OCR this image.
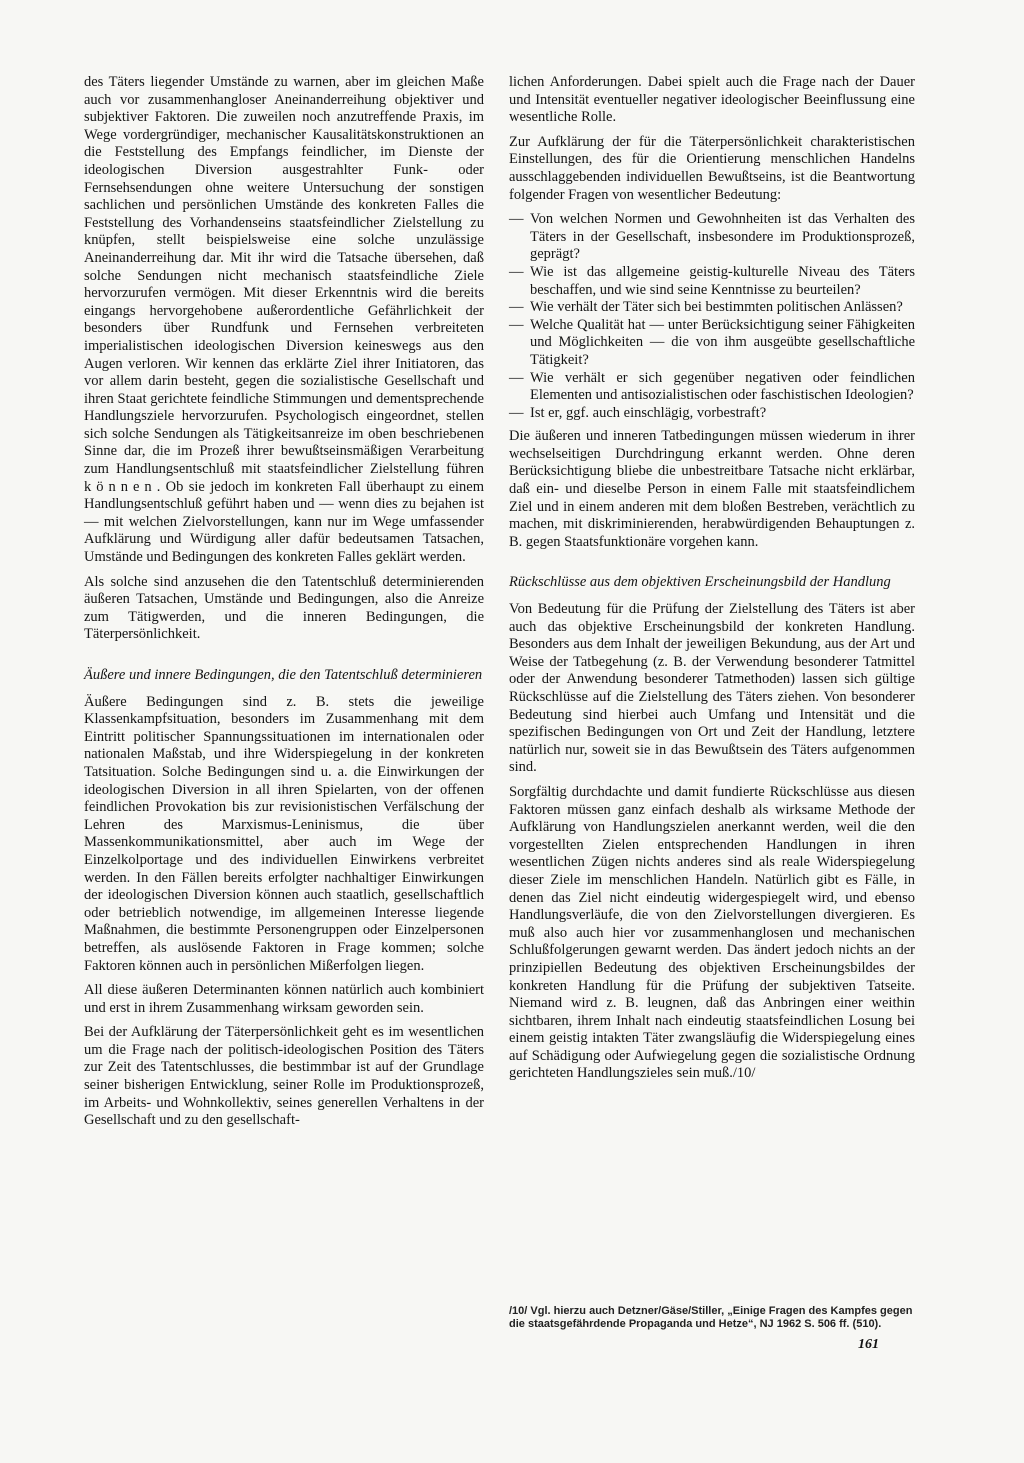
des Täters liegender Umstände zu warnen, aber im gleichen Maße auch vor zusammenhangloser Aneinanderreihung objektiver und subjektiver Faktoren. Die zuweilen noch anzutreffende Praxis, im Wege vordergründiger, mechanischer Kausalitätskonstruktionen an die Feststellung des Empfangs feindlicher, im Dienste der ideologischen Diversion ausgestrahlter Funk- oder Fernsehsendungen ohne weitere Untersuchung der sonstigen sachlichen und persönlichen Umstände des konkreten Falles die Feststellung des Vorhandenseins staatsfeindlicher Zielstellung zu knüpfen, stellt beispielsweise eine solche unzulässige Aneinanderreihung dar. Mit ihr wird die Tatsache übersehen, daß solche Sendungen nicht mechanisch staatsfeindliche Ziele hervorzurufen vermögen. Mit dieser Erkenntnis wird die bereits eingangs hervorgehobene außerordentliche Gefährlichkeit der besonders über Rundfunk und Fernsehen verbreiteten imperialistischen ideologischen Diversion keineswegs aus den Augen verloren. Wir kennen das erklärte Ziel ihrer Initiatoren, das vor allem darin besteht, gegen die sozialistische Gesellschaft und ihren Staat gerichtete feindliche Stimmungen und dementsprechende Handlungsziele hervorzurufen. Psychologisch eingeordnet, stellen sich solche Sendungen als Tätigkeitsanreize im oben beschriebenen Sinne dar, die im Prozeß ihrer bewußtseinsmäßigen Verarbeitung zum Handlungsentschluß mit staatsfeindlicher Zielstellung führen können. Ob sie jedoch im konkreten Fall überhaupt zu einem Handlungsentschluß geführt haben und — wenn dies zu bejahen ist — mit welchen Zielvorstellungen, kann nur im Wege umfassender Aufklärung und Würdigung aller dafür bedeutsamen Tatsachen, Umstände und Bedingungen des konkreten Falles geklärt werden.

Als solche sind anzusehen die den Tatentschluß determinierenden äußeren Tatsachen, Umstände und Bedingungen, also die Anreize zum Tätigwerden, und die inneren Bedingungen, die Täterpersönlichkeit.

Äußere und innere Bedingungen, die den Tatentschluß determinieren

Äußere Bedingungen sind z. B. stets die jeweilige Klassenkampfsituation, besonders im Zusammenhang mit dem Eintritt politischer Spannungssituationen im internationalen oder nationalen Maßstab, und ihre Widerspiegelung in der konkreten Tatsituation. Solche Bedingungen sind u. a. die Einwirkungen der ideologischen Diversion in all ihren Spielarten, von der offenen feindlichen Provokation bis zur revisionistischen Verfälschung der Lehren des Marxismus-Leninismus, die über Massenkommunikationsmittel, aber auch im Wege der Einzelkolportage und des individuellen Einwirkens verbreitet werden. In den Fällen bereits erfolgter nachhaltiger Einwirkungen der ideologischen Diversion können auch staatlich, gesellschaftlich oder betrieblich notwendige, im allgemeinen Interesse liegende Maßnahmen, die bestimmte Personengruppen oder Einzelpersonen betreffen, als auslösende Faktoren in Frage kommen; solche Faktoren können auch in persönlichen Mißerfolgen liegen.

All diese äußeren Determinanten können natürlich auch kombiniert und erst in ihrem Zusammenhang wirksam geworden sein.

Bei der Aufklärung der Täterpersönlichkeit geht es im wesentlichen um die Frage nach der politisch-ideologischen Position des Täters zur Zeit des Tatentschlusses, die bestimmbar ist auf der Grundlage seiner bisherigen Entwicklung, seiner Rolle im Produktionsprozeß, im Arbeits- und Wohnkollektiv, seines generellen Verhaltens in der Gesellschaft und zu den gesellschaft-

lichen Anforderungen. Dabei spielt auch die Frage nach der Dauer und Intensität eventueller negativer ideologischer Beeinflussung eine wesentliche Rolle.

Zur Aufklärung der für die Täterpersönlichkeit charakteristischen Einstellungen, des für die Orientierung menschlichen Handelns ausschlaggebenden individuellen Bewußtseins, ist die Beantwortung folgender Fragen von wesentlicher Bedeutung:

— Von welchen Normen und Gewohnheiten ist das Verhalten des Täters in der Gesellschaft, insbesondere im Produktionsprozeß, geprägt?
— Wie ist das allgemeine geistig-kulturelle Niveau des Täters beschaffen, und wie sind seine Kenntnisse zu beurteilen?
— Wie verhält der Täter sich bei bestimmten politischen Anlässen?
— Welche Qualität hat — unter Berücksichtigung seiner Fähigkeiten und Möglichkeiten — die von ihm ausgeübte gesellschaftliche Tätigkeit?
— Wie verhält er sich gegenüber negativen oder feindlichen Elementen und antisozialistischen oder faschistischen Ideologien?
— Ist er, ggf. auch einschlägig, vorbestraft?

Die äußeren und inneren Tatbedingungen müssen wiederum in ihrer wechselseitigen Durchdringung erkannt werden. Ohne deren Berücksichtigung bliebe die unbestreitbare Tatsache nicht erklärbar, daß ein- und dieselbe Person in einem Falle mit staatsfeindlichem Ziel und in einem anderen mit dem bloßen Bestreben, verächtlich zu machen, mit diskriminierenden, herabwürdigenden Behauptungen z. B. gegen Staatsfunktionäre vorgehen kann.

Rückschlüsse aus dem objektiven Erscheinungsbild der Handlung

Von Bedeutung für die Prüfung der Zielstellung des Täters ist aber auch das objektive Erscheinungsbild der konkreten Handlung. Besonders aus dem Inhalt der jeweiligen Bekundung, aus der Art und Weise der Tatbegehung (z. B. der Verwendung besonderer Tatmittel oder der Anwendung besonderer Tatmethoden) lassen sich gültige Rückschlüsse auf die Zielstellung des Täters ziehen. Von besonderer Bedeutung sind hierbei auch Umfang und Intensität und die spezifischen Bedingungen von Ort und Zeit der Handlung, letztere natürlich nur, soweit sie in das Bewußtsein des Täters aufgenommen sind.

Sorgfältig durchdachte und damit fundierte Rückschlüsse aus diesen Faktoren müssen ganz einfach deshalb als wirksame Methode der Aufklärung von Handlungszielen anerkannt werden, weil die den vorgestellten Zielen entsprechenden Handlungen in ihren wesentlichen Zügen nichts anderes sind als reale Widerspiegelung dieser Ziele im menschlichen Handeln. Natürlich gibt es Fälle, in denen das Ziel nicht eindeutig widergespiegelt wird, und ebenso Handlungsverläufe, die von den Zielvorstellungen divergieren. Es muß also auch hier vor zusammenhanglosen und mechanischen Schlußfolgerungen gewarnt werden. Das ändert jedoch nichts an der prinzipiellen Bedeutung des objektiven Erscheinungsbildes der konkreten Handlung für die Prüfung der subjektiven Tatseite. Niemand wird z. B. leugnen, daß das Anbringen einer weithin sichtbaren, ihrem Inhalt nach eindeutig staatsfeindlichen Losung bei einem geistig intakten Täter zwangsläufig die Widerspiegelung eines auf Schädigung oder Aufwiegelung gegen die sozialistische Ordnung gerichteten Handlungszieles sein muß./10/

/10/ Vgl. hierzu auch Detzner/Gäse/Stiller, „Einige Fragen des Kampfes gegen die staatsgefährdende Propaganda und Hetze“, NJ 1962 S. 506 ff. (510).
161
